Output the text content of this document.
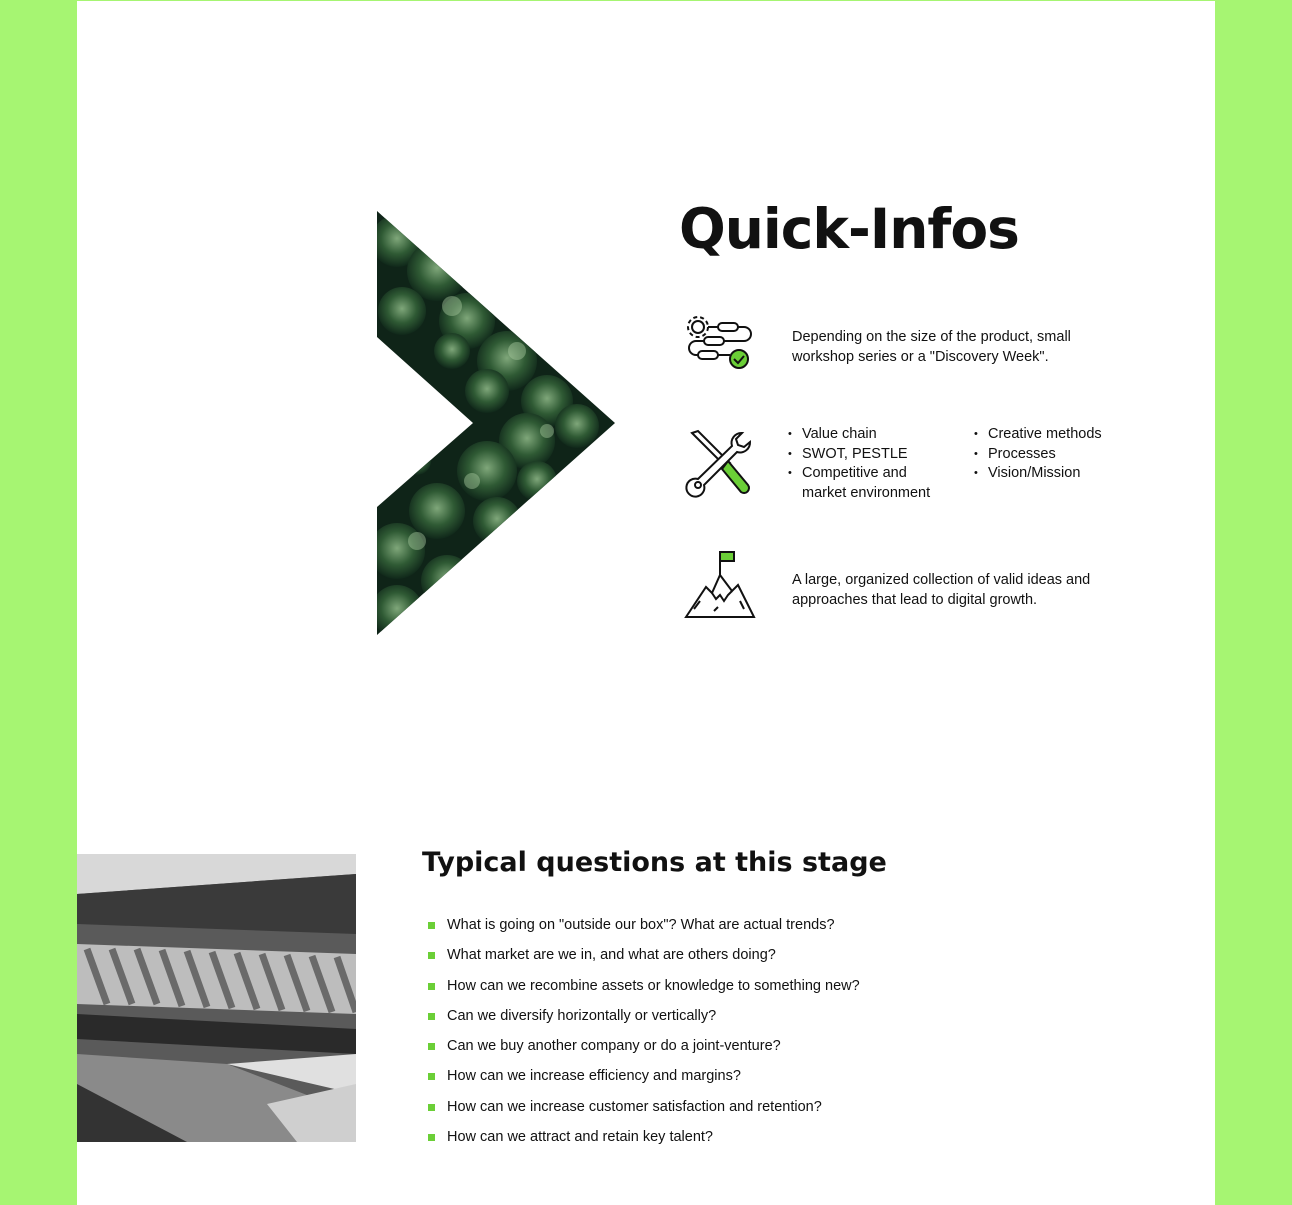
Quick-Infos
Depending on the size of the product, small workshop series or a "Discovery Week".
• Value chain
• SWOT, PESTLE
• Competitive and market environment
• Creative methods
• Processes
• Vision/Mission
A large, organized collection of valid ideas and approaches that lead to digital growth.
Typical questions at this stage
What is going on "outside our box"? What are actual trends?
What market are we in, and what are others doing?
How can we recombine assets or knowledge to something new?
Can we diversify horizontally or vertically?
Can we buy another company or do a joint-venture?
How can we increase efficiency and margins?
How can we increase customer satisfaction and retention?
How can we attract and retain key talent?
